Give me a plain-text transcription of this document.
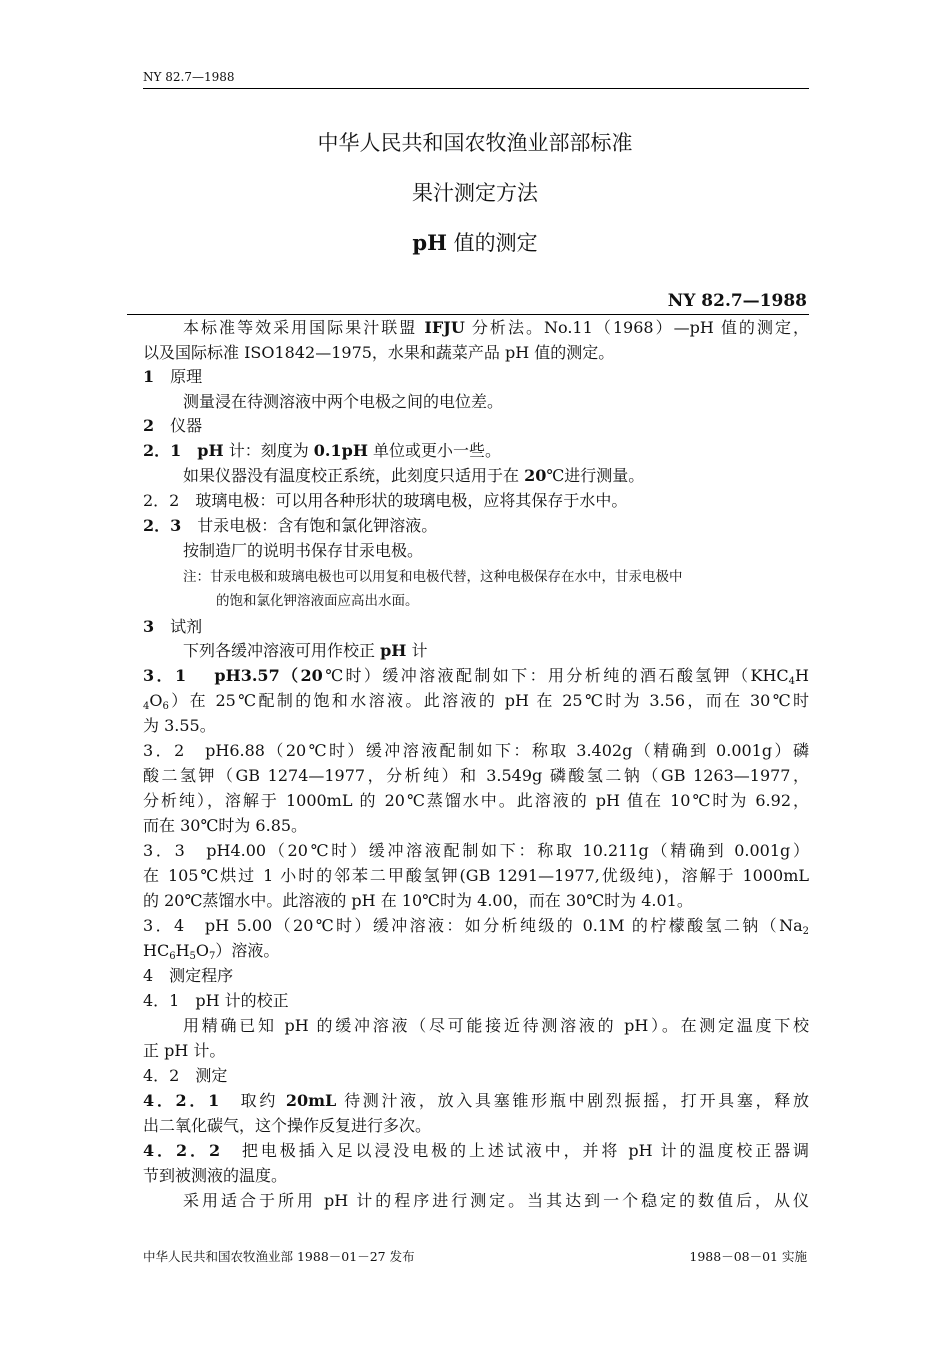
NY 82.7—1988
中华人民共和国农牧渔业部部标准
果汁测定方法
pH 值的测定
NY 82.7—1988
本标准等效采用国际果汁联盟 IFJU 分析法。No.11（1968）—pH 值的测定，
以及国际标准 ISO1842—1975，水果和蔬菜产品 pH 值的测定。
1　 原理
测量浸在待测溶液中两个电极之间的电位差。
2　 仪器
2．1　 pH 计：刻度为 0.1pH 单位或更小一些。
如果仪器没有温度校正系统，此刻度只适用于在 20℃进行测量。
2．2　玻璃电极：可以用各种形状的玻璃电极，应将其保存于水中。
2．3　甘汞电极：含有饱和氯化钾溶液。
按制造厂的说明书保存甘汞电极。
注：甘汞电极和玻璃电极也可以用复和电极代替，这种电极保存在水中，甘汞电极中
的饱和氯化钾溶液面应高出水面。
3　 试剂
下列各缓冲溶液可用作校正 pH 计
3．1　 pH3.57（20℃时）缓冲溶液配制如下：用分析纯的酒石酸氢钾（$KHC_4H$
$_4O_6$）在 25℃配制的饱和水溶液。此溶液的 pH 在 25℃时为 3.56，而在 30℃时
为 3.55。
3．2　pH6.88（20℃时）缓冲溶液配制如下：称取 3.402g（精确到 0.001g）磷
酸二氢钾（GB 1274—1977，分析纯）和 3.549g 磷酸氢二钠（GB 1263—1977，
分析纯），溶解于 1000mL 的 20℃蒸馏水中。此溶液的 pH 值在 10℃时为 6.92，
而在 30℃时为 6.85。
3．3　pH4.00（20℃时）缓冲溶液配制如下：称取 10.211g（精确到 0.001g）
在 105℃烘过 1 小时的邻苯二甲酸氢钾(GB 1291—1977,优级纯)，溶解于 1000mL
的 20℃蒸馏水中。此溶液的 pH 在 10℃时为 4.00，而在 30℃时为 4.01。
3．4　pH 5.00（20℃时）缓冲溶液：如分析纯级的 0.1M 的柠檬酸氢二钠（$Na_2$
$HC_6H_5O_7$）溶液。
4　测定程序
4．1　pH 计的校正
用精确已知 pH 的缓冲溶液（尽可能接近待测溶液的 pH）。在测定温度下校
正 pH 计。
4．2　测定
4．2．1　取约 20mL 待测汁液，放入具塞锥形瓶中剧烈振摇，打开具塞，释放
出二氧化碳气，这个操作反复进行多次。
4．2．2　把电极插入足以浸没电极的上述试液中，并将 pH 计的温度校正器调
节到被测液的温度。
采用适合于所用 pH 计的程序进行测定。当其达到一个稳定的数值后，从仪
中华人民共和国农牧渔业部 1988－01－27 发布	1988－08－01 实施
